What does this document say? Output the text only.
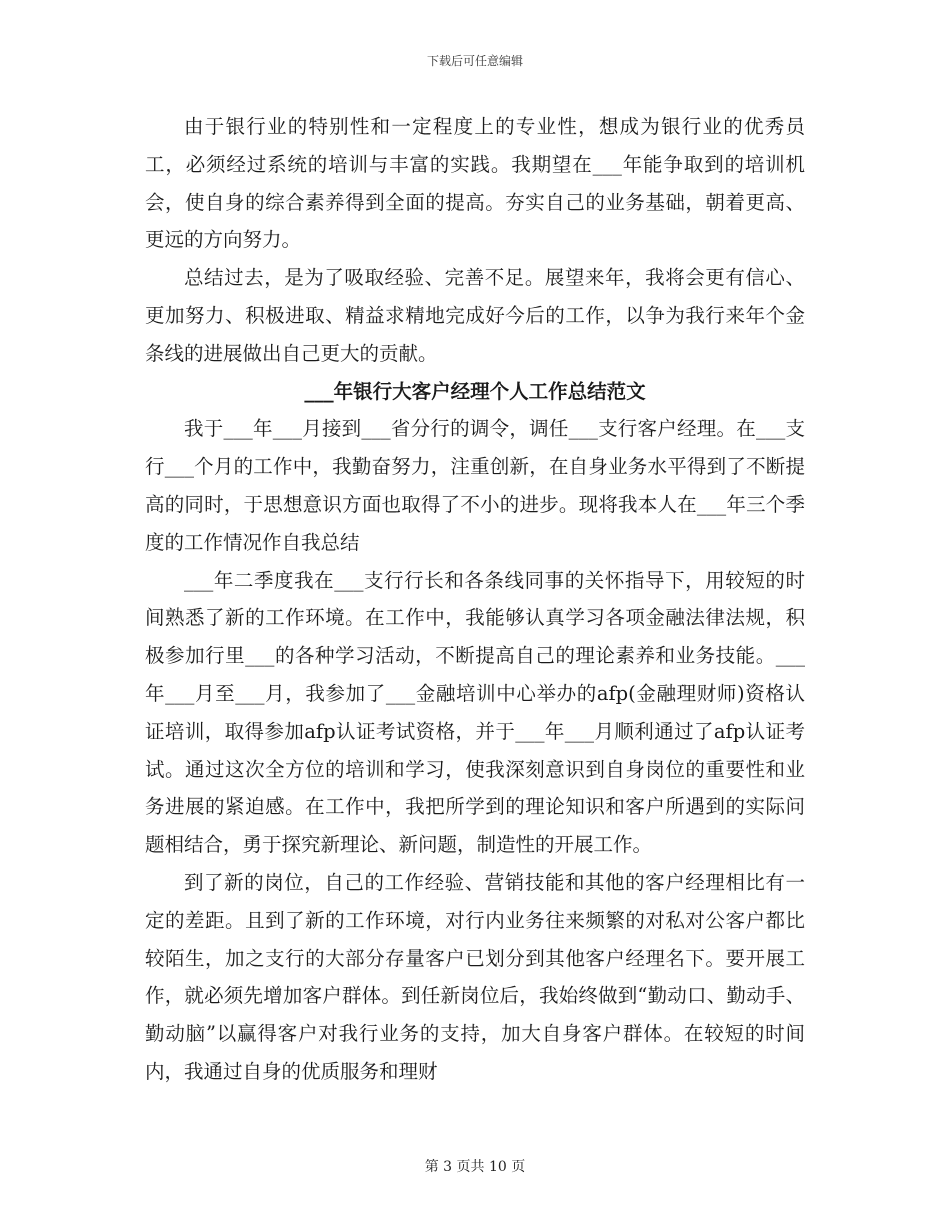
下载后可任意编辑

由于银行业的特别性和一定程度上的专业性，想成为银行业的优秀员工，必须经过系统的培训与丰富的实践。我期望在___年能争取到的培训机会，使自身的综合素养得到全面的提高。夯实自己的业务基础，朝着更高、更远的方向努力。

总结过去，是为了吸取经验、完善不足。展望来年，我将会更有信心、更加努力、积极进取、精益求精地完成好今后的工作，以争为我行来年个金条线的进展做出自己更大的贡献。

___年银行大客户经理个人工作总结范文

我于___年___月接到___省分行的调令，调任___支行客户经理。在___支行___个月的工作中，我勤奋努力，注重创新，在自身业务水平得到了不断提高的同时，于思想意识方面也取得了不小的进步。现将我本人在___年三个季度的工作情况作自我总结

___年二季度我在___支行行长和各条线同事的关怀指导下，用较短的时间熟悉了新的工作环境。在工作中，我能够认真学习各项金融法律法规，积极参加行里___的各种学习活动，不断提高自己的理论素养和业务技能。___年___月至___月，我参加了___金融培训中心举办的afp(金融理财师)资格认证培训，取得参加afp认证考试资格，并于___年___月顺利通过了afp认证考试。通过这次全方位的培训和学习，使我深刻意识到自身岗位的重要性和业务进展的紧迫感。在工作中，我把所学到的理论知识和客户所遇到的实际问题相结合，勇于探究新理论、新问题，制造性的开展工作。

到了新的岗位，自己的工作经验、营销技能和其他的客户经理相比有一定的差距。且到了新的工作环境，对行内业务往来频繁的对私对公客户都比较陌生，加之支行的大部分存量客户已划分到其他客户经理名下。要开展工作，就必须先增加客户群体。到任新岗位后，我始终做到“勤动口、勤动手、勤动脑”以赢得客户对我行业务的支持，加大自身客户群体。在较短的时间内，我通过自身的优质服务和理财

第 3 页共 10 页
